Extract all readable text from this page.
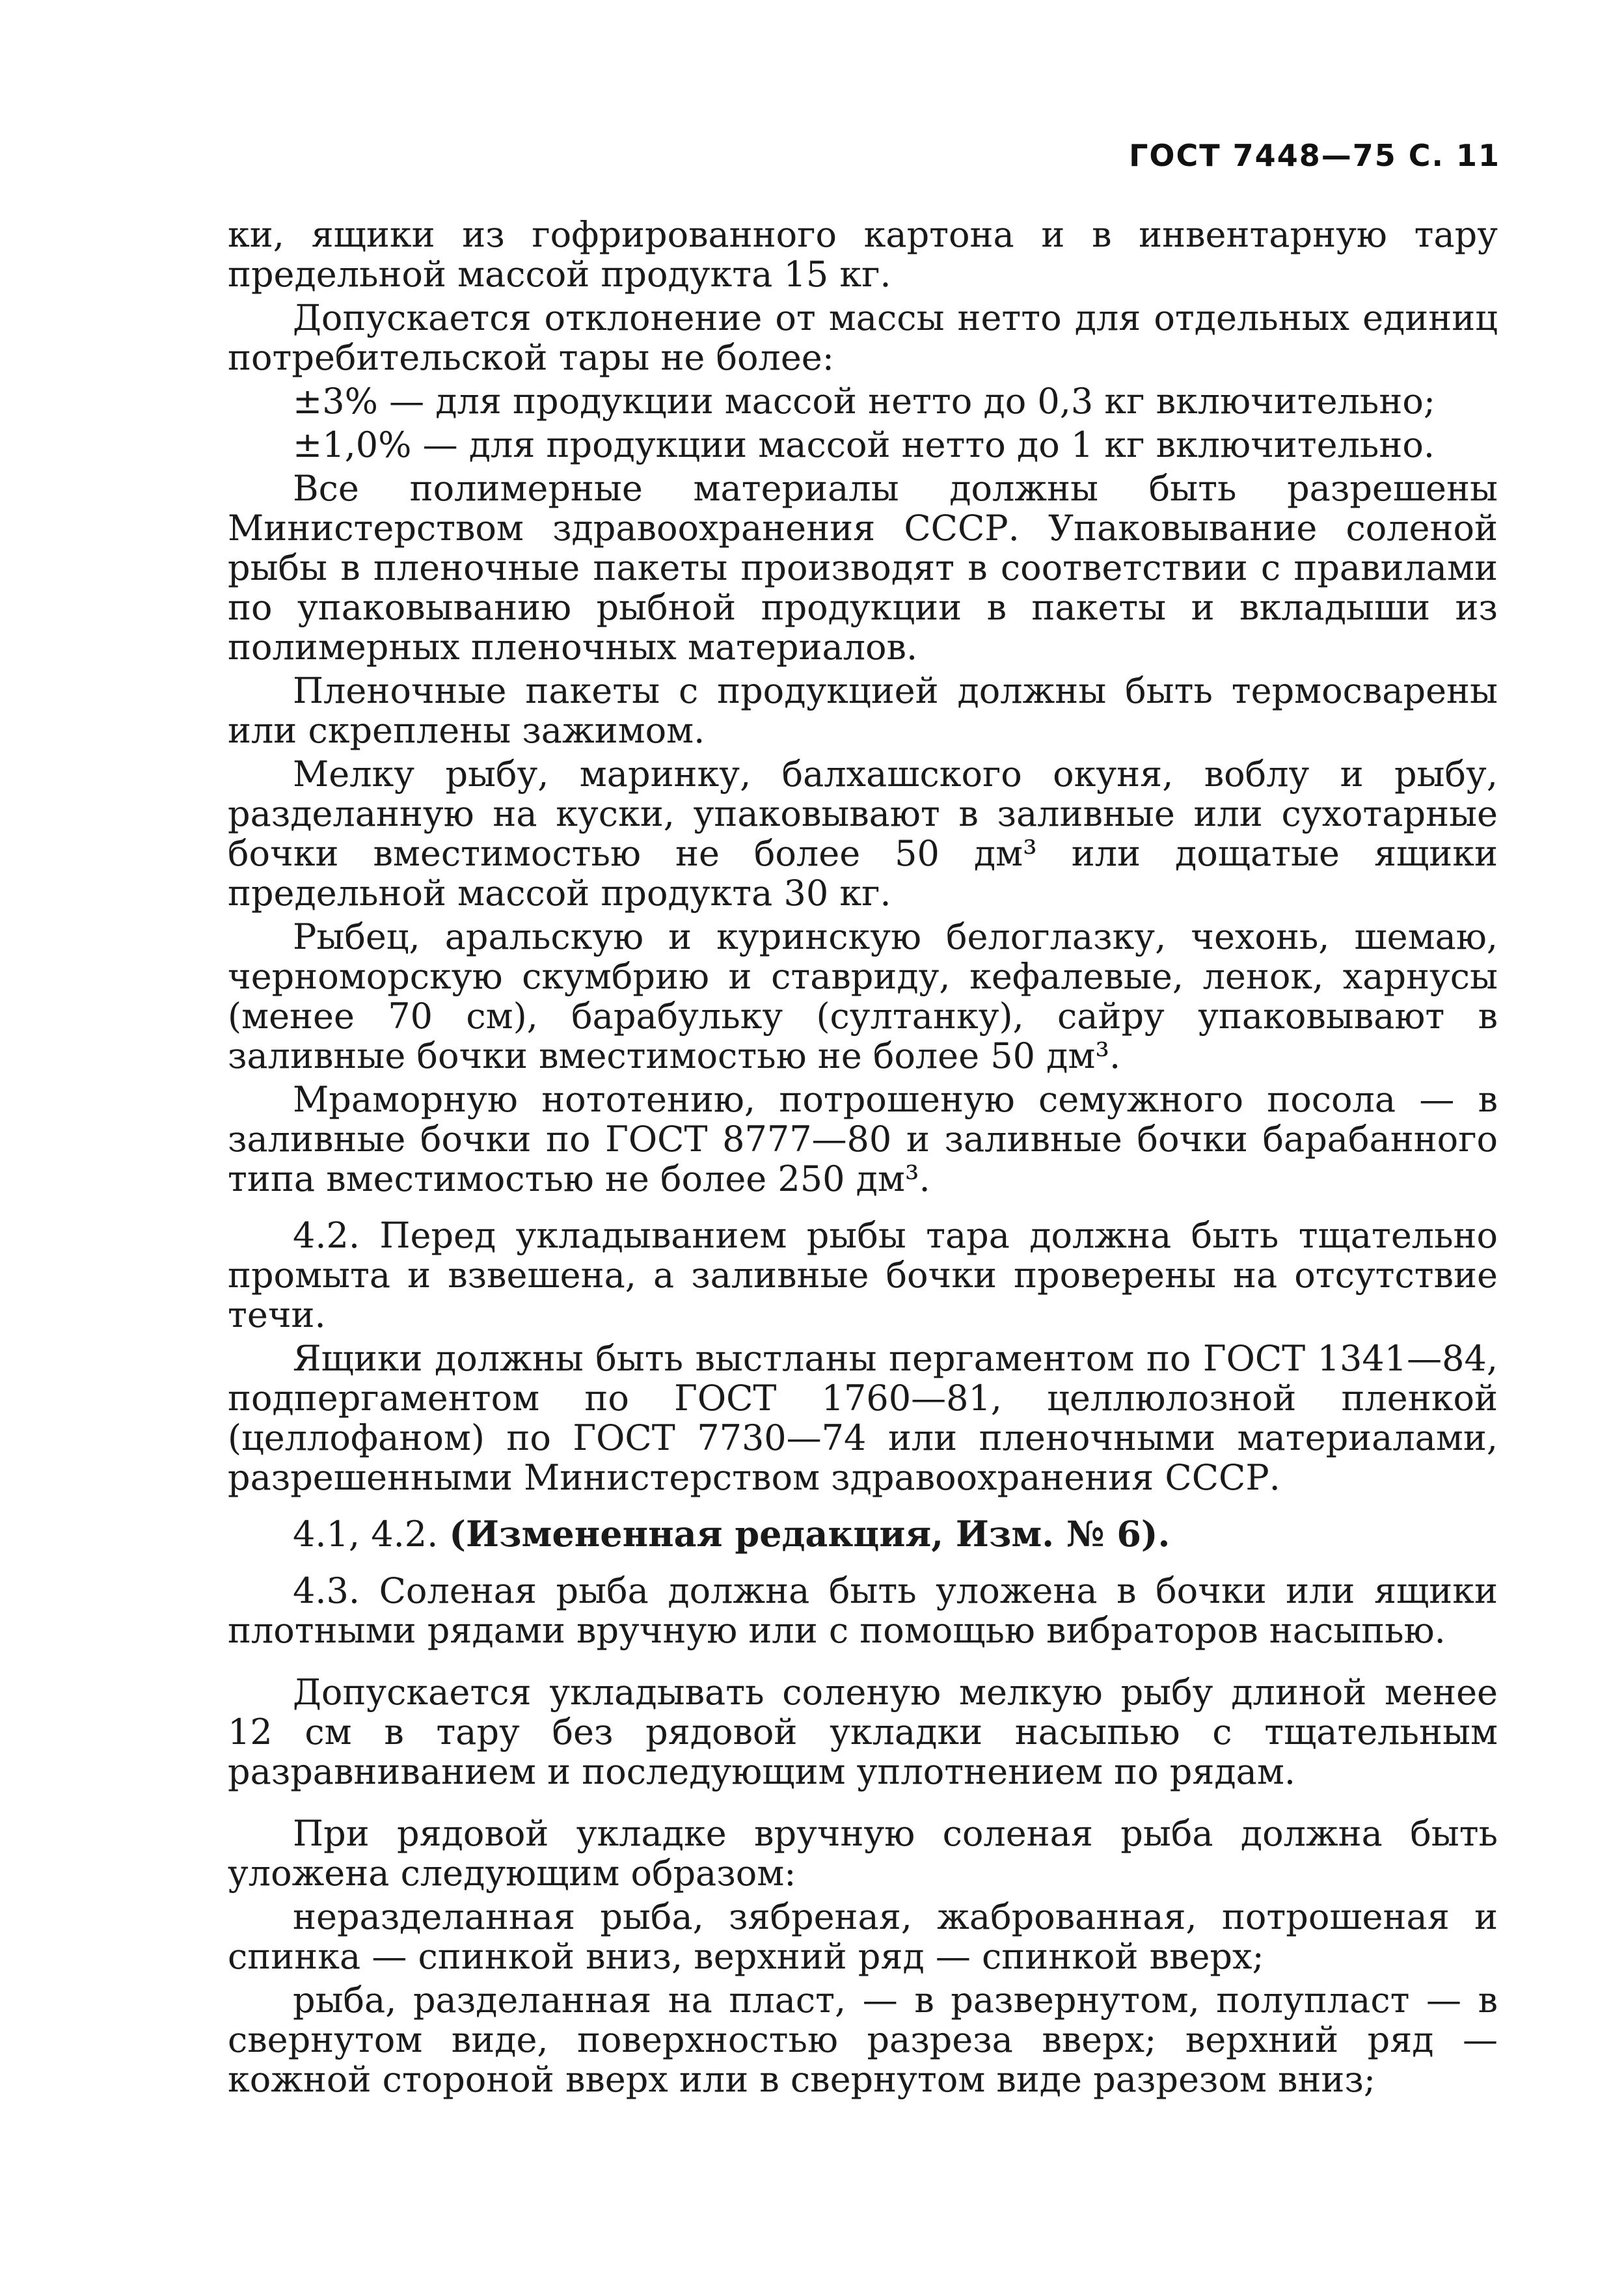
ГОСТ 7448—75 С. 11

ки, ящики из гофрированного картона и в инвентарную тару предельной массой продукта 15 кг.

Допускается отклонение от массы нетто для отдельных единиц потребительской тары не более:

±3% — для продукции массой нетто до 0,3 кг включительно;

±1,0% — для продукции массой нетто до 1 кг включительно.

Все полимерные материалы должны быть разрешены Министерством здравоохранения СССР. Упаковывание соленой рыбы в пленочные пакеты производят в соответствии с правилами по упаковыванию рыбной продукции в пакеты и вкладыши из полимерных пленочных материалов.

Пленочные пакеты с продукцией должны быть термосварены или скреплены зажимом.

Мелку рыбу, маринку, балхашского окуня, воблу и рыбу, разделанную на куски, упаковывают в заливные или сухотарные бочки вместимостью не более 50 дм³ или дощатые ящики предельной массой продукта 30 кг.

Рыбец, аральскую и куринскую белоглазку, чехонь, шемаю, черноморскую скумбрию и ставриду, кефалевые, ленок, харнусы (менее 70 см), барабульку (султанку), сайру упаковывают в заливные бочки вместимостью не более 50 дм³.

Мраморную нототению, потрошеную семужного посола — в заливные бочки по ГОСТ 8777—80 и заливные бочки барабанного типа вместимостью не более 250 дм³.

4.2. Перед укладыванием рыбы тара должна быть тщательно промыта и взвешена, а заливные бочки проверены на отсутствие течи.

Ящики должны быть выстланы пергаментом по ГОСТ 1341—84, подпергаментом по ГОСТ 1760—81, целлюлозной пленкой (целлофаном) по ГОСТ 7730—74 или пленочными материалами, разрешенными Министерством здравоохранения СССР.

4.1, 4.2. (Измененная редакция, Изм. № 6).

4.3. Соленая рыба должна быть уложена в бочки или ящики плотными рядами вручную или с помощью вибраторов насыпью.

Допускается укладывать соленую мелкую рыбу длиной менее 12 см в тару без рядовой укладки насыпью с тщательным разравниванием и последующим уплотнением по рядам.

При рядовой укладке вручную соленая рыба должна быть уложена следующим образом:

неразделанная рыба, зябреная, жаброванная, потрошеная и спинка — спинкой вниз, верхний ряд — спинкой вверх;

рыба, разделанная на пласт, — в развернутом, полупласт — в свернутом виде, поверхностью разреза вверх; верхний ряд — кожной стороной вверх или в свернутом виде разрезом вниз;
